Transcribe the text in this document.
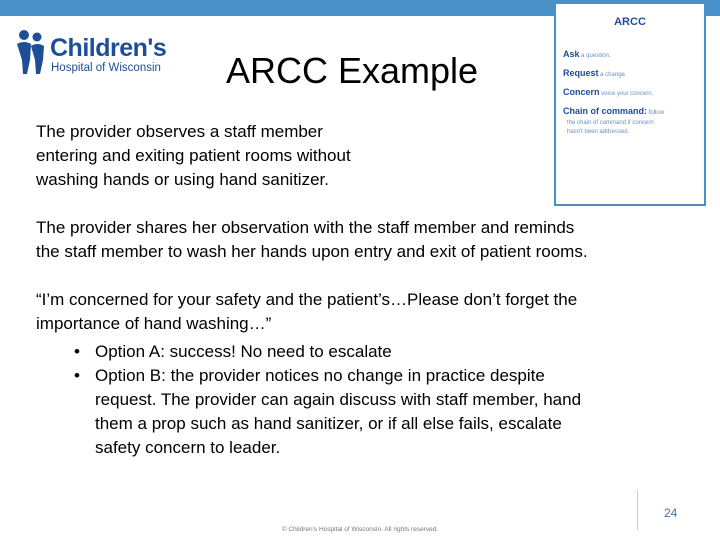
Children's
Hospital of Wisconsin ARCC Example
ARCC
Ask a question.
Request a change.
Concern voice your concern.
Chain of command: follow
the chain of command if concern
hasn't been addressed.
The provider observes a staff member
entering and exiting patient rooms without
washing hands or using hand sanitizer.
The provider shares her observation with the staff member and reminds
the staff member to wash her hands upon entry and exit of patient rooms.
“I’m concerned for your safety and the patient’s…Please don’t forget the
importance of hand washing…”
• Option A: success! No need to escalate
• Option B: the provider notices no change in practice despite
request. The provider can again discuss with staff member, hand
them a prop such as hand sanitizer, or if all else fails, escalate
safety concern to leader.
24
© Children's Hospital of Wisconsin. All rights reserved.
